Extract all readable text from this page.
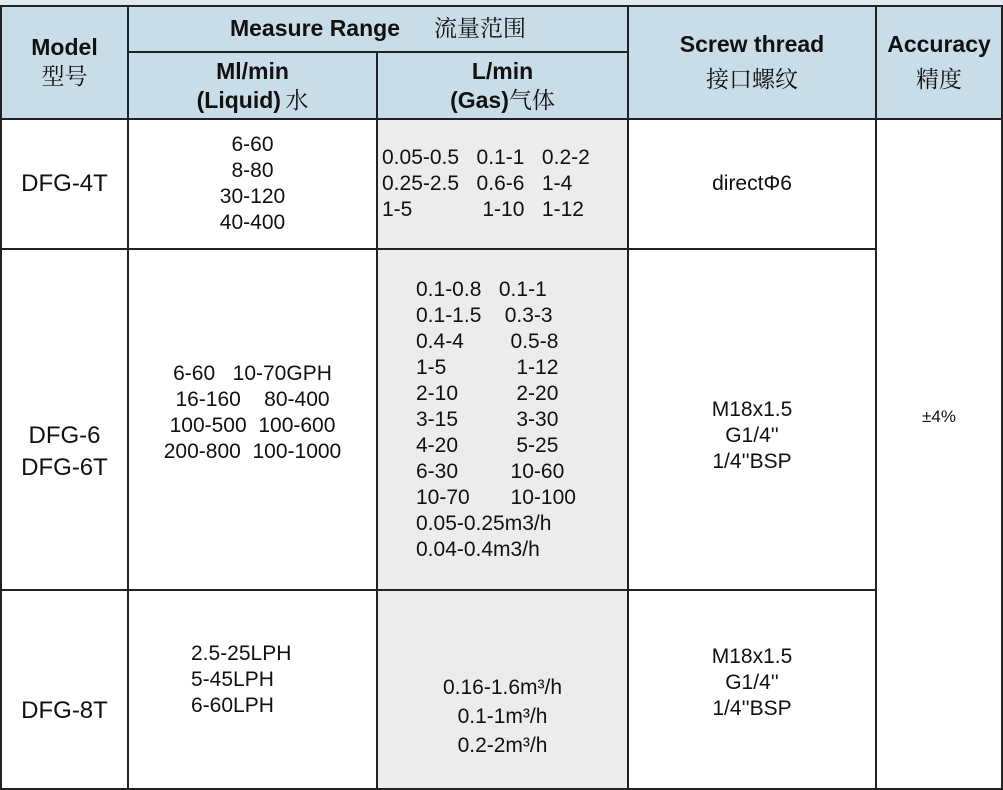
Model
型号
Measure Range 流量范围
Ml/min
(Liquid) 水
L/min
(Gas)气体
Screw thread
接口螺纹
Accuracy
精度
DFG-4T
6-60
8-80
30-120
40-400
0.05-0.5   0.1-1   0.2-2
0.25-2.5   0.6-6   1-4
1-5            1-10   1-12
directΦ6
DFG-6
DFG-6T
6-60   10-70GPH
16-160    80-400
100-500  100-600
200-800  100-1000
0.1-0.8   0.1-1
0.1-1.5    0.3-3
0.4-4        0.5-8
1-5            1-12
2-10          2-20
3-15          3-30
4-20          5-25
6-30         10-60
10-70       10-100
0.05-0.25m3/h
0.04-0.4m3/h
M18x1.5
G1/4''
1/4''BSP
DFG-8T
2.5-25LPH
5-45LPH
6-60LPH
0.16-1.6m³/h
0.1-1m³/h
0.2-2m³/h
M18x1.5
G1/4''
1/4''BSP
±4%
